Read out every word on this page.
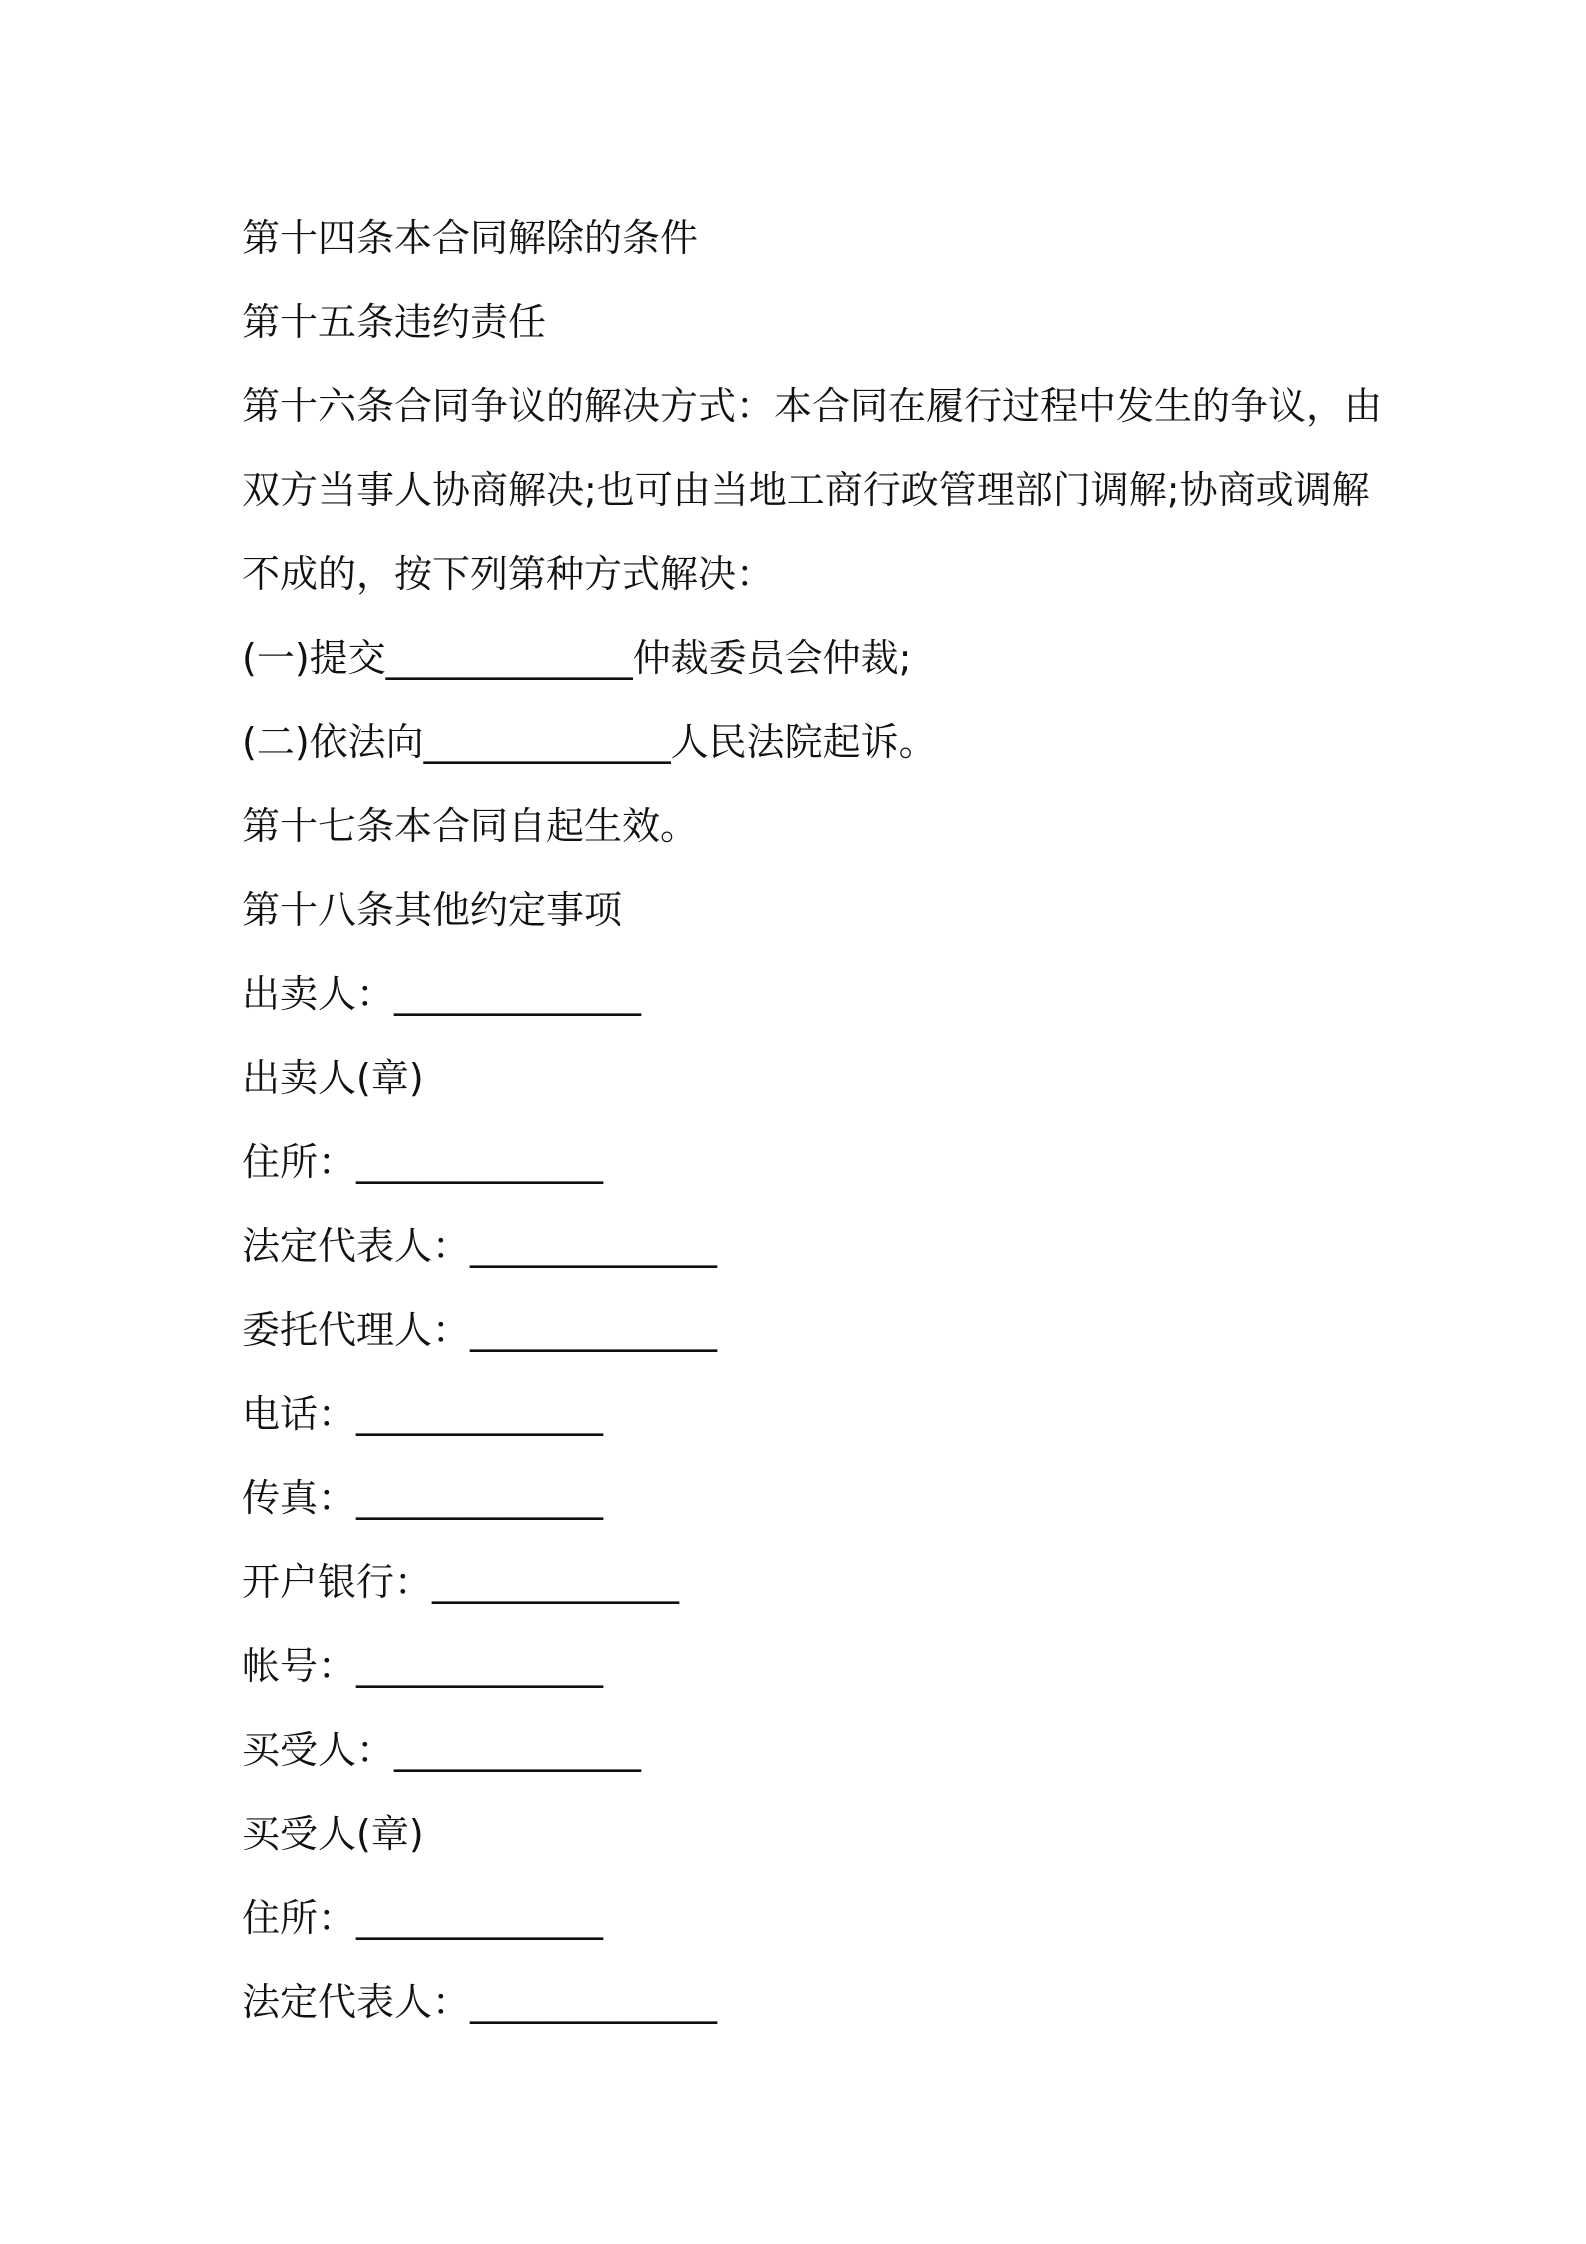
第十四条本合同解除的条件
第十五条违约责任
第十六条合同争议的解决方式：本合同在履行过程中发生的争议，由
双方当事人协商解决;也可由当地工商行政管理部门调解;协商或调解
不成的，按下列第种方式解决：
(一)提交_____________仲裁委员会仲裁;
(二)依法向_____________人民法院起诉。
第十七条本合同自起生效。
第十八条其他约定事项
出卖人：_____________
出卖人(章)
住所：_____________
法定代表人：_____________
委托代理人：_____________
电话：_____________
传真：_____________
开户银行：_____________
帐号：_____________
买受人：_____________
买受人(章)
住所：_____________
法定代表人：_____________
